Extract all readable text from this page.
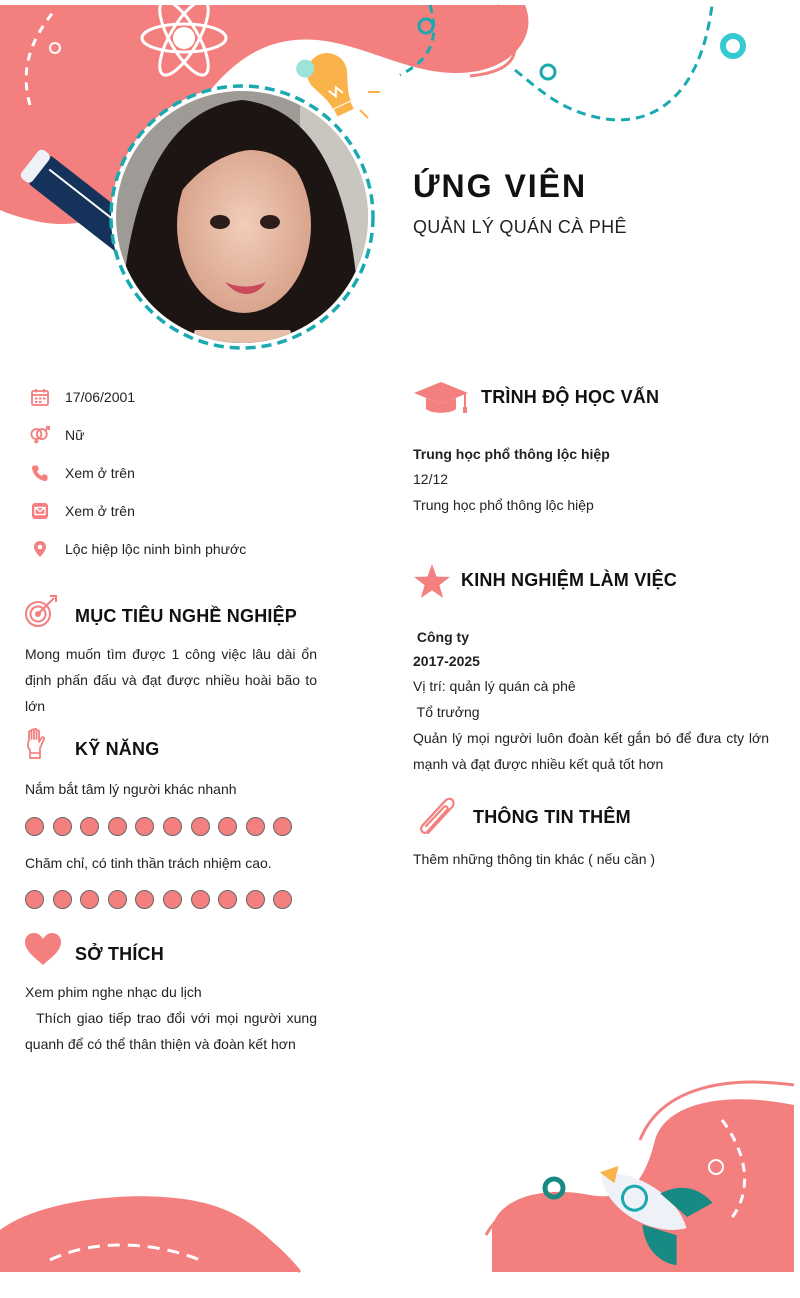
ỨNG VIÊN
QUẢN LÝ QUÁN CÀ PHÊ
17/06/2001
Nữ
Xem ở trên
Xem ở trên
Lộc hiệp lộc ninh bình phước
MỤC TIÊU NGHỀ NGHIỆP
Mong muốn tìm được 1 công việc lâu dài ổn định phấn đấu và đạt được nhiều hoài bão to lớn
KỸ NĂNG
Nắm bắt tâm lý người khác nhanh
Chăm chỉ, có tinh thần trách nhiệm cao.
SỞ THÍCH
Xem phim nghe nhạc du lịch
Thích giao tiếp trao đổi với mọi người xung quanh để có thể thân thiện và đoàn kết hơn
TRÌNH ĐỘ HỌC VẤN
Trung học phổ thông lộc hiệp
12/12
Trung học phổ thông lộc hiệp
KINH NGHIỆM LÀM VIỆC
Công ty
2017-2025
Vị trí: quản lý quán cà phê
Tổ trưởng
Quản lý mọi người luôn đoàn kết gắn bó để đưa cty lớn mạnh và đạt được nhiều kết quả tốt hơn
THÔNG TIN THÊM
Thêm những thông tin khác ( nếu cần )
